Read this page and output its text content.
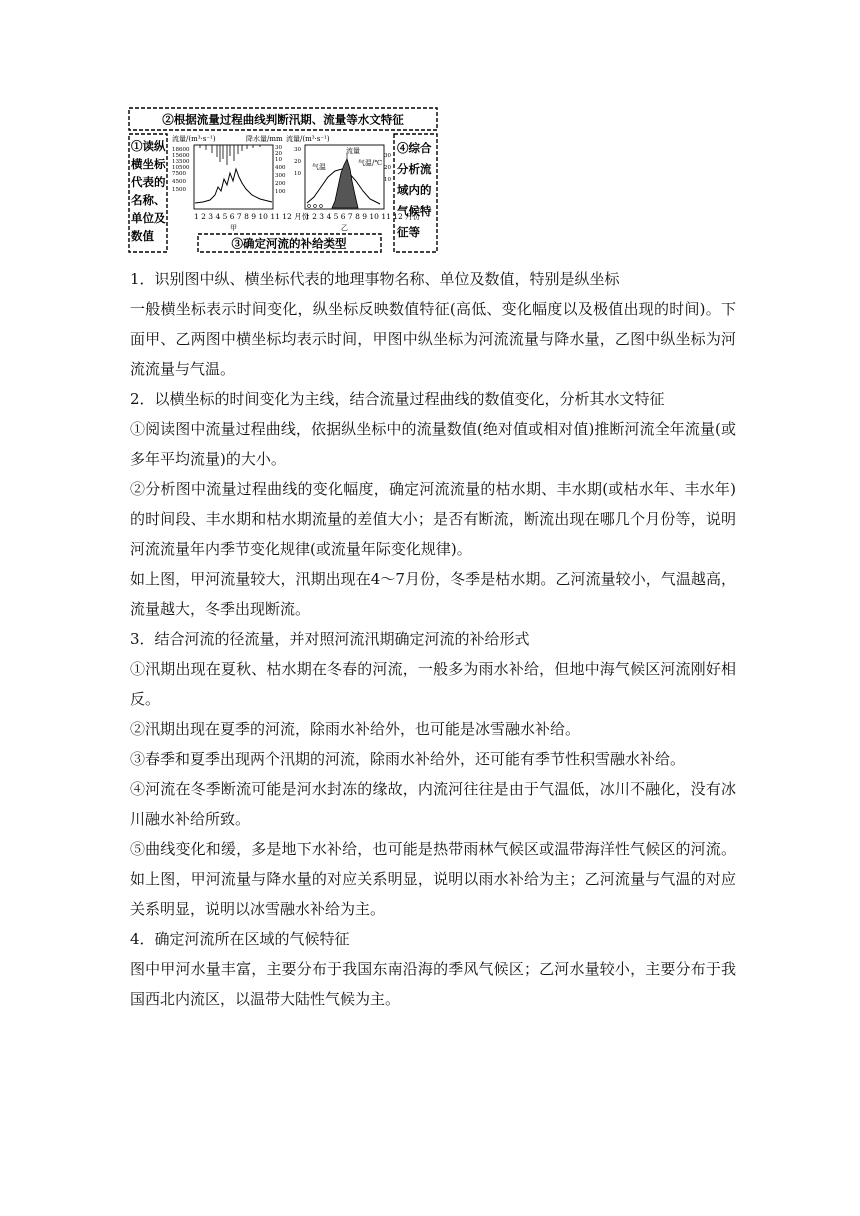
②根据流量过程曲线判断汛期、流量等水文特征
①读纵
横坐标
代表的
名称、
单位及
数值
④综合
分析流
域内的
气候特
征等
③确定河流的补给类型
流量/(m³·s⁻¹)	降水量/mm
18600
15600
13500
10500
7500
4500
1500
30
20
10
400
300
200
100
1 2 3 4 5 6 7 8 9 10 11 12 月份
甲
流量/(m³·s⁻¹)
30
20
10
30
20
10
流量
气温/℃
气温
1 2 3 4 5 6 7 8 9 10 11 12 月份
乙

1．识别图中纵、横坐标代表的地理事物名称、单位及数值，特别是纵坐标

一般横坐标表示时间变化，纵坐标反映数值特征(高低、变化幅度以及极值出现的时间)。下面甲、乙两图中横坐标均表示时间，甲图中纵坐标为河流流量与降水量，乙图中纵坐标为河流流量与气温。

2．以横坐标的时间变化为主线，结合流量过程曲线的数值变化，分析其水文特征

①阅读图中流量过程曲线，依据纵坐标中的流量数值(绝对值或相对值)推断河流全年流量(或多年平均流量)的大小。

②分析图中流量过程曲线的变化幅度，确定河流流量的枯水期、丰水期(或枯水年、丰水年)的时间段、丰水期和枯水期流量的差值大小；是否有断流，断流出现在哪几个月份等，说明河流流量年内季节变化规律(或流量年际变化规律)。

如上图，甲河流量较大，汛期出现在4～7月份，冬季是枯水期。乙河流量较小，气温越高，流量越大，冬季出现断流。

3．结合河流的径流量，并对照河流汛期确定河流的补给形式

①汛期出现在夏秋、枯水期在冬春的河流，一般多为雨水补给，但地中海气候区河流刚好相反。

②汛期出现在夏季的河流，除雨水补给外，也可能是冰雪融水补给。

③春季和夏季出现两个汛期的河流，除雨水补给外，还可能有季节性积雪融水补给。

④河流在冬季断流可能是河水封冻的缘故，内流河往往是由于气温低，冰川不融化，没有冰川融水补给所致。

⑤曲线变化和缓，多是地下水补给，也可能是热带雨林气候区或温带海洋性气候区的河流。如上图，甲河流量与降水量的对应关系明显，说明以雨水补给为主；乙河流量与气温的对应关系明显，说明以冰雪融水补给为主。

4．确定河流所在区域的气候特征

图中甲河水量丰富，主要分布于我国东南沿海的季风气候区；乙河水量较小，主要分布于我国西北内流区，以温带大陆性气候为主。
